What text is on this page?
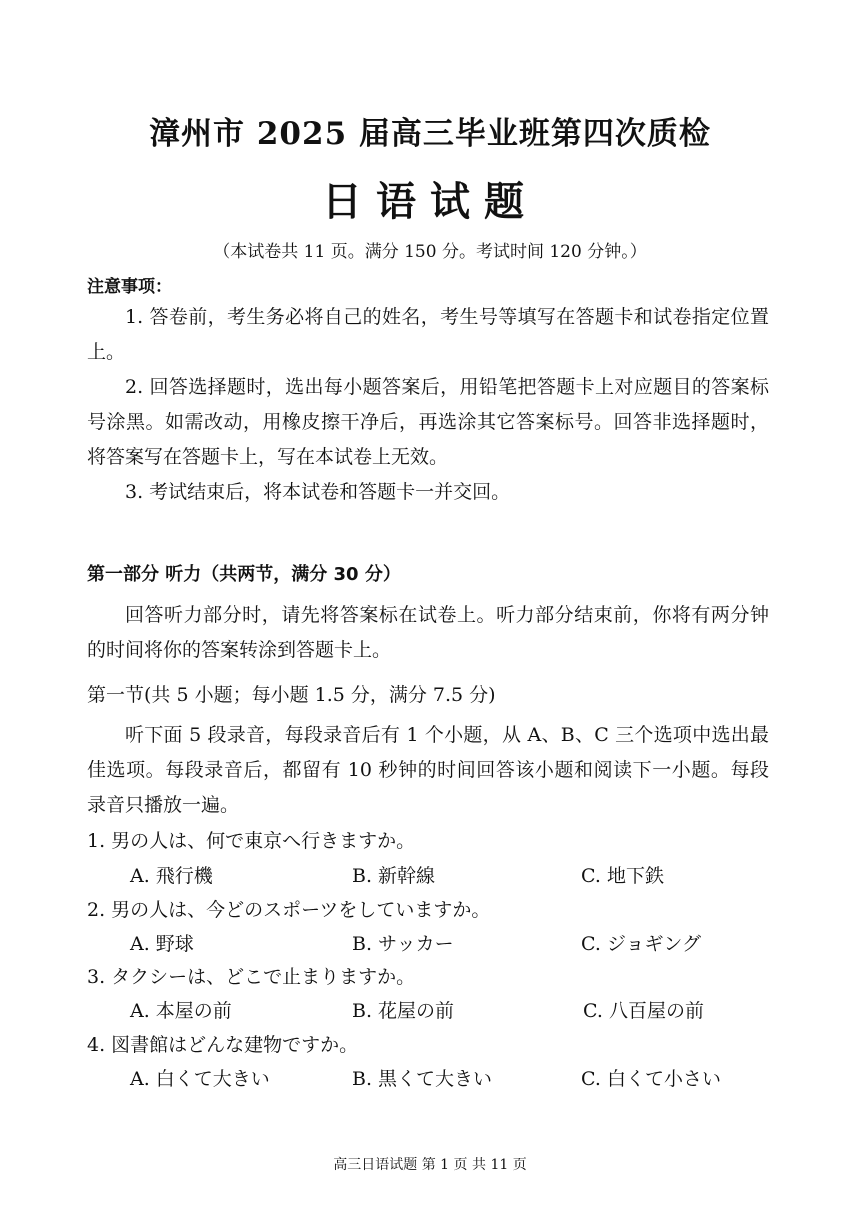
漳州市 2025 届高三毕业班第四次质检
日语试题
（本试卷共 11 页。满分 150 分。考试时间 120 分钟。）
注意事项：

1. 答卷前，考生务必将自己的姓名，考生号等填写在答题卡和试卷指定位置上。

2. 回答选择题时，选出每小题答案后，用铅笔把答题卡上对应题目的答案标号涂黑。如需改动，用橡皮擦干净后，再选涂其它答案标号。回答非选择题时，将答案写在答题卡上，写在本试卷上无效。

3. 考试结束后，将本试卷和答题卡一并交回。

第一部分 听力（共两节，满分 30 分）

回答听力部分时，请先将答案标在试卷上。听力部分结束前，你将有两分钟的时间将你的答案转涂到答题卡上。

第一节(共 5 小题；每小题 1.5 分，满分 7.5 分)

听下面 5 段录音，每段录音后有 1 个小题，从 A、B、C 三个选项中选出最佳选项。每段录音后，都留有 10 秒钟的时间回答该小题和阅读下一小题。每段录音只播放一遍。

1. 男の人は、何で東京へ行きますか。
A. 飛行機	B. 新幹線	C. 地下鉄
2. 男の人は、今どのスポーツをしていますか。
A. 野球	B. サッカー	C. ジョギング
3. タクシーは、どこで止まりますか。
A. 本屋の前	B. 花屋の前	C. 八百屋の前
4. 図書館はどんな建物ですか。
A. 白くて大きい	B. 黒くて大きい	C. 白くて小さい
高三日语试题 第 1 页 共 11 页
